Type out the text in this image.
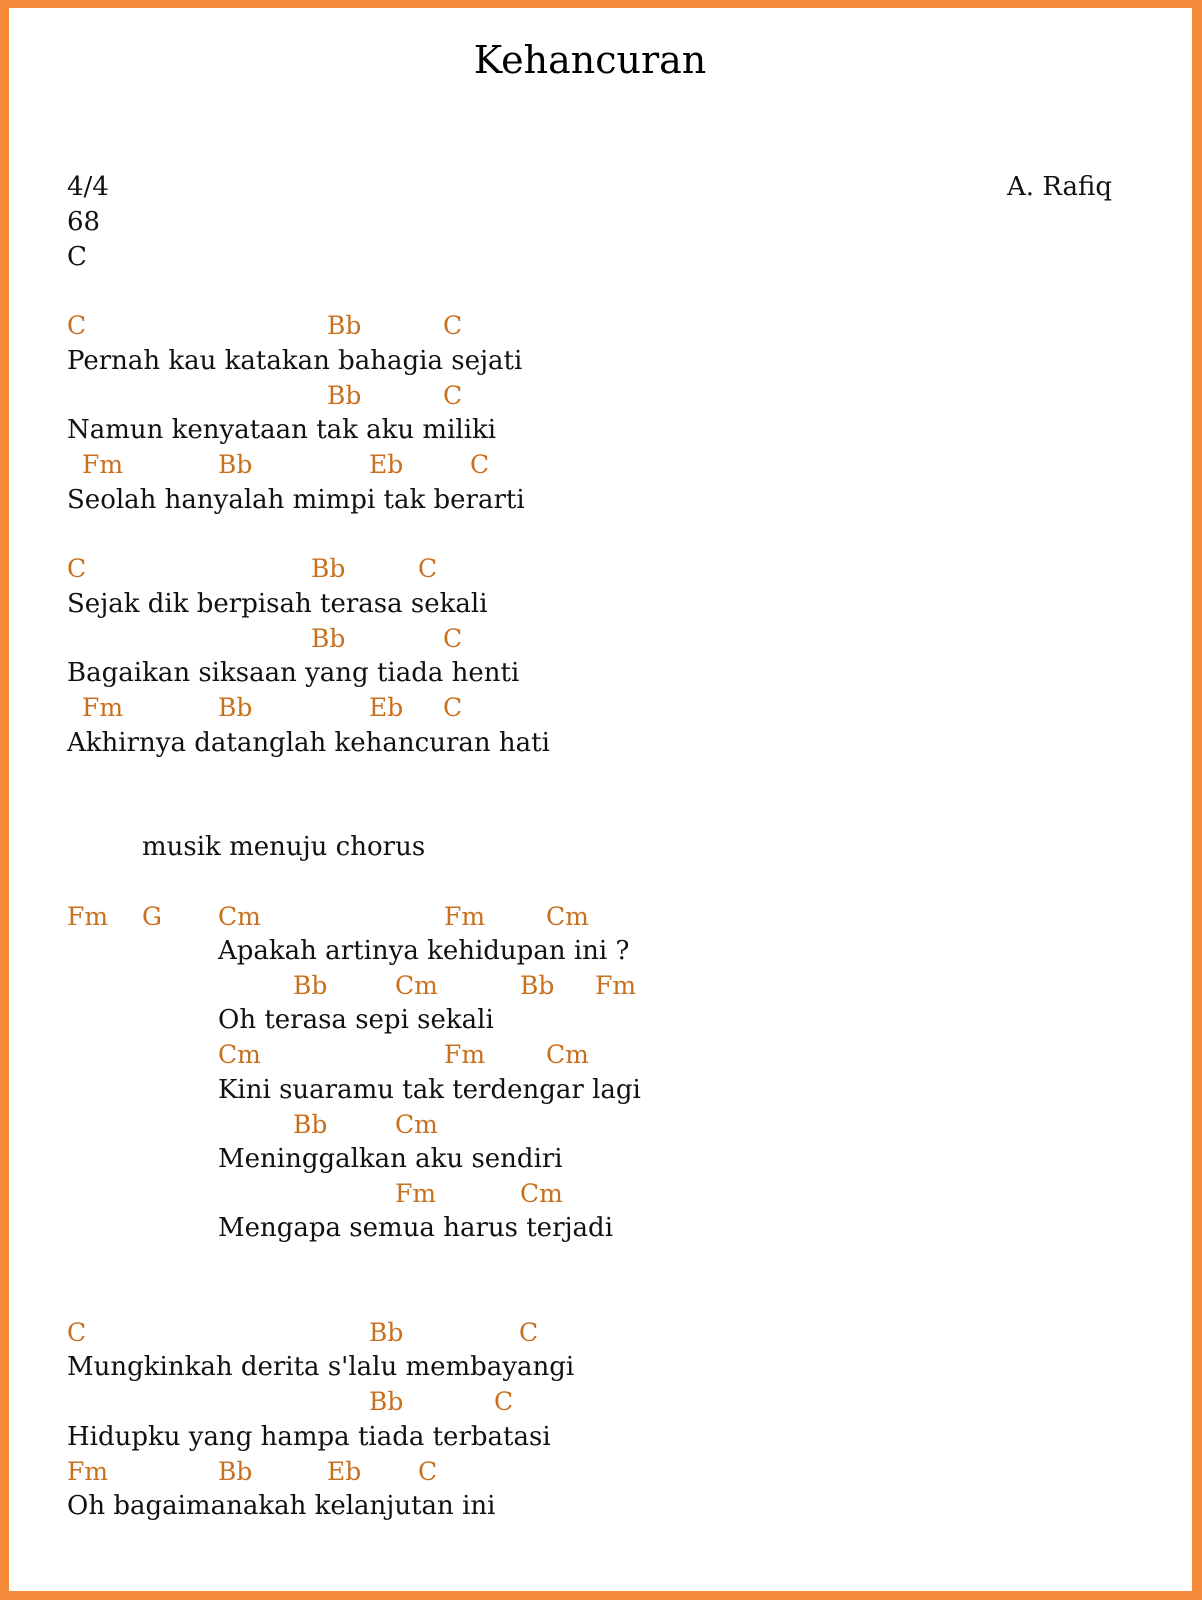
Kehancuran
4/4
68
C
A. Rafiq
C	Bb	C
Pernah kau katakan bahagia sejati
Bb	C
Namun kenyataan tak aku miliki
Fm	Bb	Eb	C
Seolah hanyalah mimpi tak berarti
C	Bb	C
Sejak dik berpisah terasa sekali
Bb	C
Bagaikan siksaan yang tiada henti
Fm	Bb	Eb C
Akhirnya datanglah kehancuran hati
musik menuju chorus
Fm G Cm	Fm Cm
Apakah artinya kehidupan ini ?
Bb	Cm	Bb Fm
Oh terasa sepi sekali
Cm	Fm Cm
Kini suaramu tak terdengar lagi
Bb	Cm
Meninggalkan aku sendiri
Fm	Cm
Mengapa semua harus terjadi
C	Bb	C
Mungkinkah derita s'lalu membayangi
Bb	C
Hidupku yang hampa tiada terbatasi
Fm	Bb	Eb C
Oh bagaimanakah kelanjutan ini
